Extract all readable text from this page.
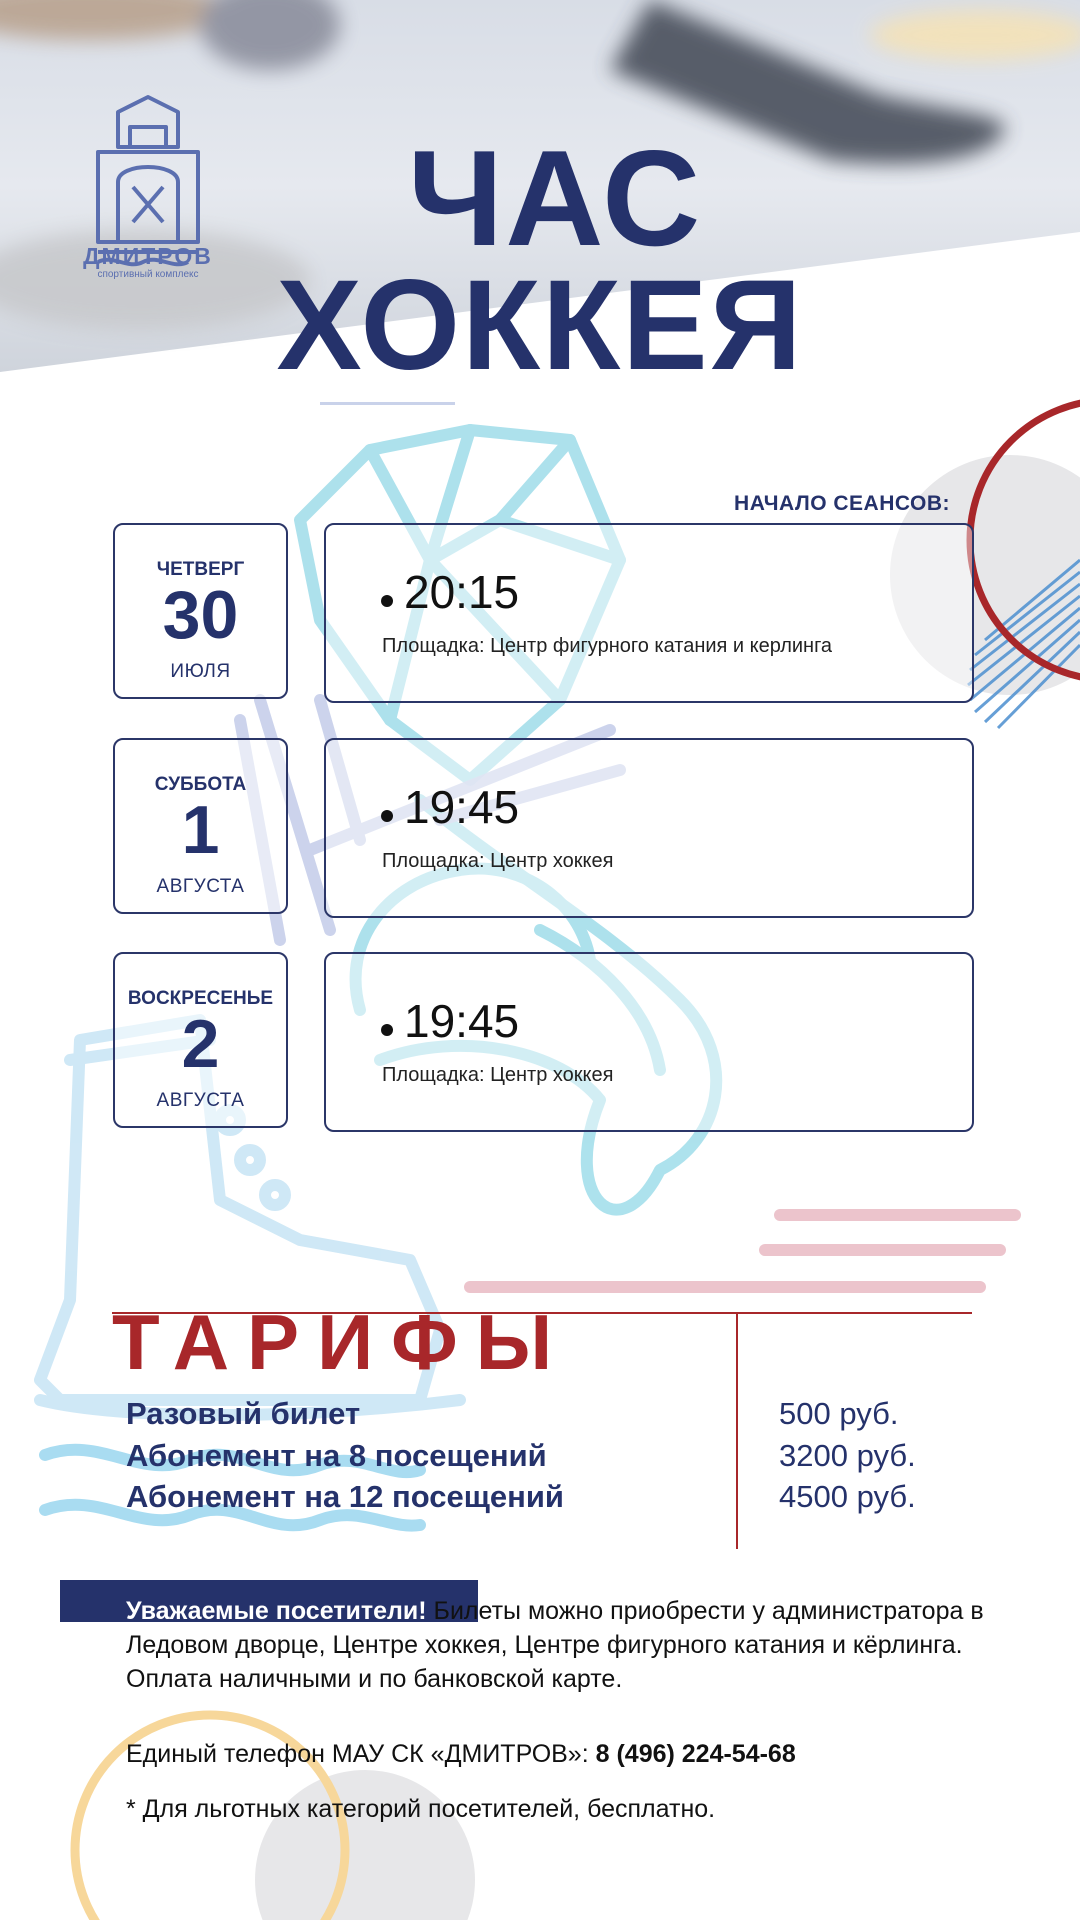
ДМИТРОВ
спортивный комплекс
ЧАС
ХОККЕЯ
НАЧАЛО СЕАНСОВ:
ЧЕТВЕРГ
30
ИЮЛЯ
20:15
Площадка: Центр фигурного катания и керлинга
СУББОТА
1
АВГУСТА
19:45
Площадка: Центр хоккея
ВОСКРЕСЕНЬЕ
2
АВГУСТА
19:45
Площадка: Центр хоккея
ТАРИФЫ
Разовый билет	500 руб.
Абонемент на 8 посещений	3200 руб.
Абонемент на 12 посещений	4500 руб.
Уважаемые посетители! Билеты можно приобрести у администратора в Ледовом дворце, Центре хоккея, Центре фигурного катания и кёрлинга. Оплата наличными и по банковской карте.
Единый телефон МАУ СК «ДМИТРОВ»: 8 (496) 224-54-68
* Для льготных категорий посетителей, бесплатно.
